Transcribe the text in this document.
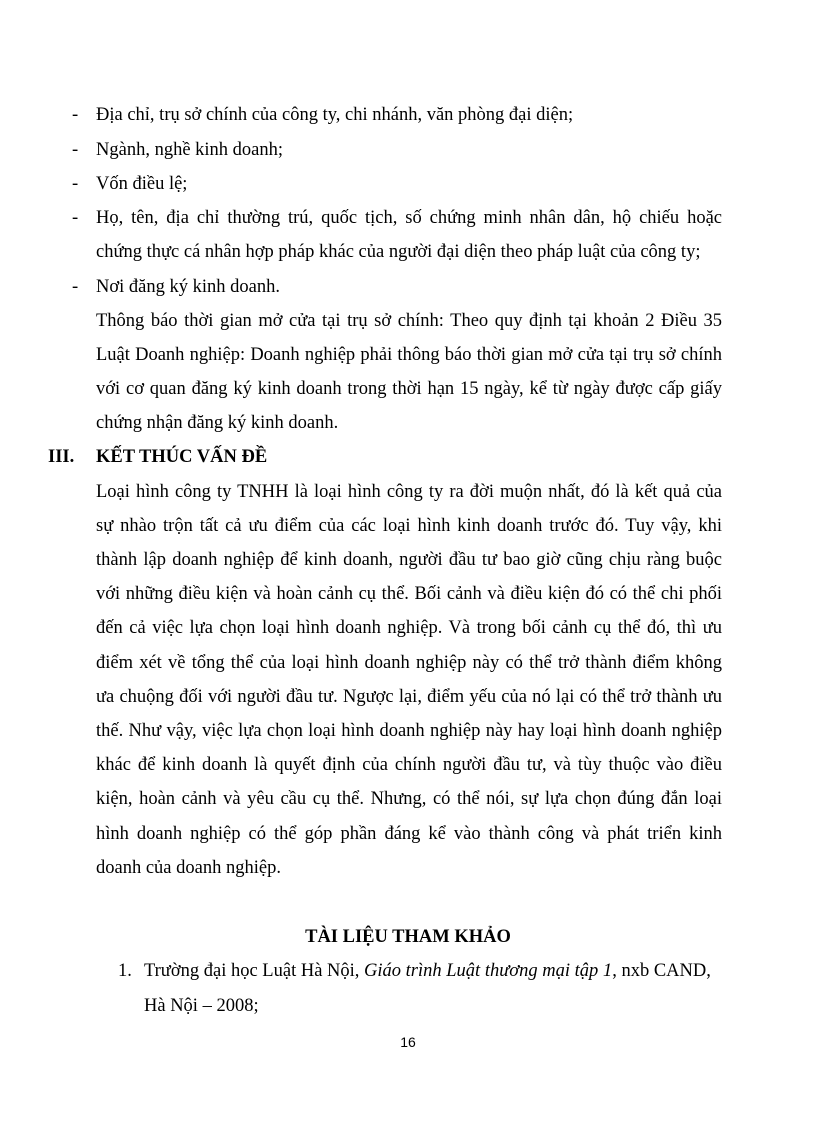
- Địa chỉ, trụ sở chính của công ty, chi nhánh, văn phòng đại diện;
- Ngành, nghề kinh doanh;
- Vốn điều lệ;
- Họ, tên, địa chỉ thường trú, quốc tịch, số chứng minh nhân dân, hộ chiếu hoặc
chứng thực cá nhân hợp pháp khác của người đại diện theo pháp luật của công ty;
- Nơi đăng ký kinh doanh.
Thông báo thời gian mở cửa tại trụ sở chính: Theo quy định tại khoản 2 Điều 35
Luật Doanh nghiệp: Doanh nghiệp phải thông báo thời gian mở cửa tại trụ sở chính
với cơ quan đăng ký kinh doanh trong thời hạn 15 ngày, kể từ ngày được cấp giấy
chứng nhận đăng ký kinh doanh.
III. KẾT THÚC VẤN ĐỀ
Loại hình công ty TNHH là loại hình công ty ra đời muộn nhất, đó là kết quả của
sự nhào trộn tất cả ưu điểm của các loại hình kinh doanh trước đó. Tuy vậy, khi
thành lập doanh nghiệp để kinh doanh, người đầu tư bao giờ cũng chịu ràng buộc
với những điều kiện và hoàn cảnh cụ thể. Bối cảnh và điều kiện đó có thể chi phối
đến cả việc lựa chọn loại hình doanh nghiệp. Và trong bối cảnh cụ thể đó, thì ưu
điểm xét về tổng thể của loại hình doanh nghiệp này có thể trở thành điểm không
ưa chuộng đối với người đầu tư. Ngược lại, điểm yếu của nó lại có thể trở thành ưu
thế. Như vậy, việc lựa chọn loại hình doanh nghiệp này hay loại hình doanh nghiệp
khác để kinh doanh là quyết định của chính người đầu tư, và tùy thuộc vào điều
kiện, hoàn cảnh và yêu cầu cụ thể. Nhưng, có thể nói, sự lựa chọn đúng đắn loại
hình doanh nghiệp có thể góp phần đáng kể vào thành công và phát triển kinh
doanh của doanh nghiệp.
TÀI LIỆU THAM KHẢO
1. Trường đại học Luật Hà Nội, Giáo trình Luật thương mại tập 1, nxb CAND,
Hà Nội – 2008;
16
